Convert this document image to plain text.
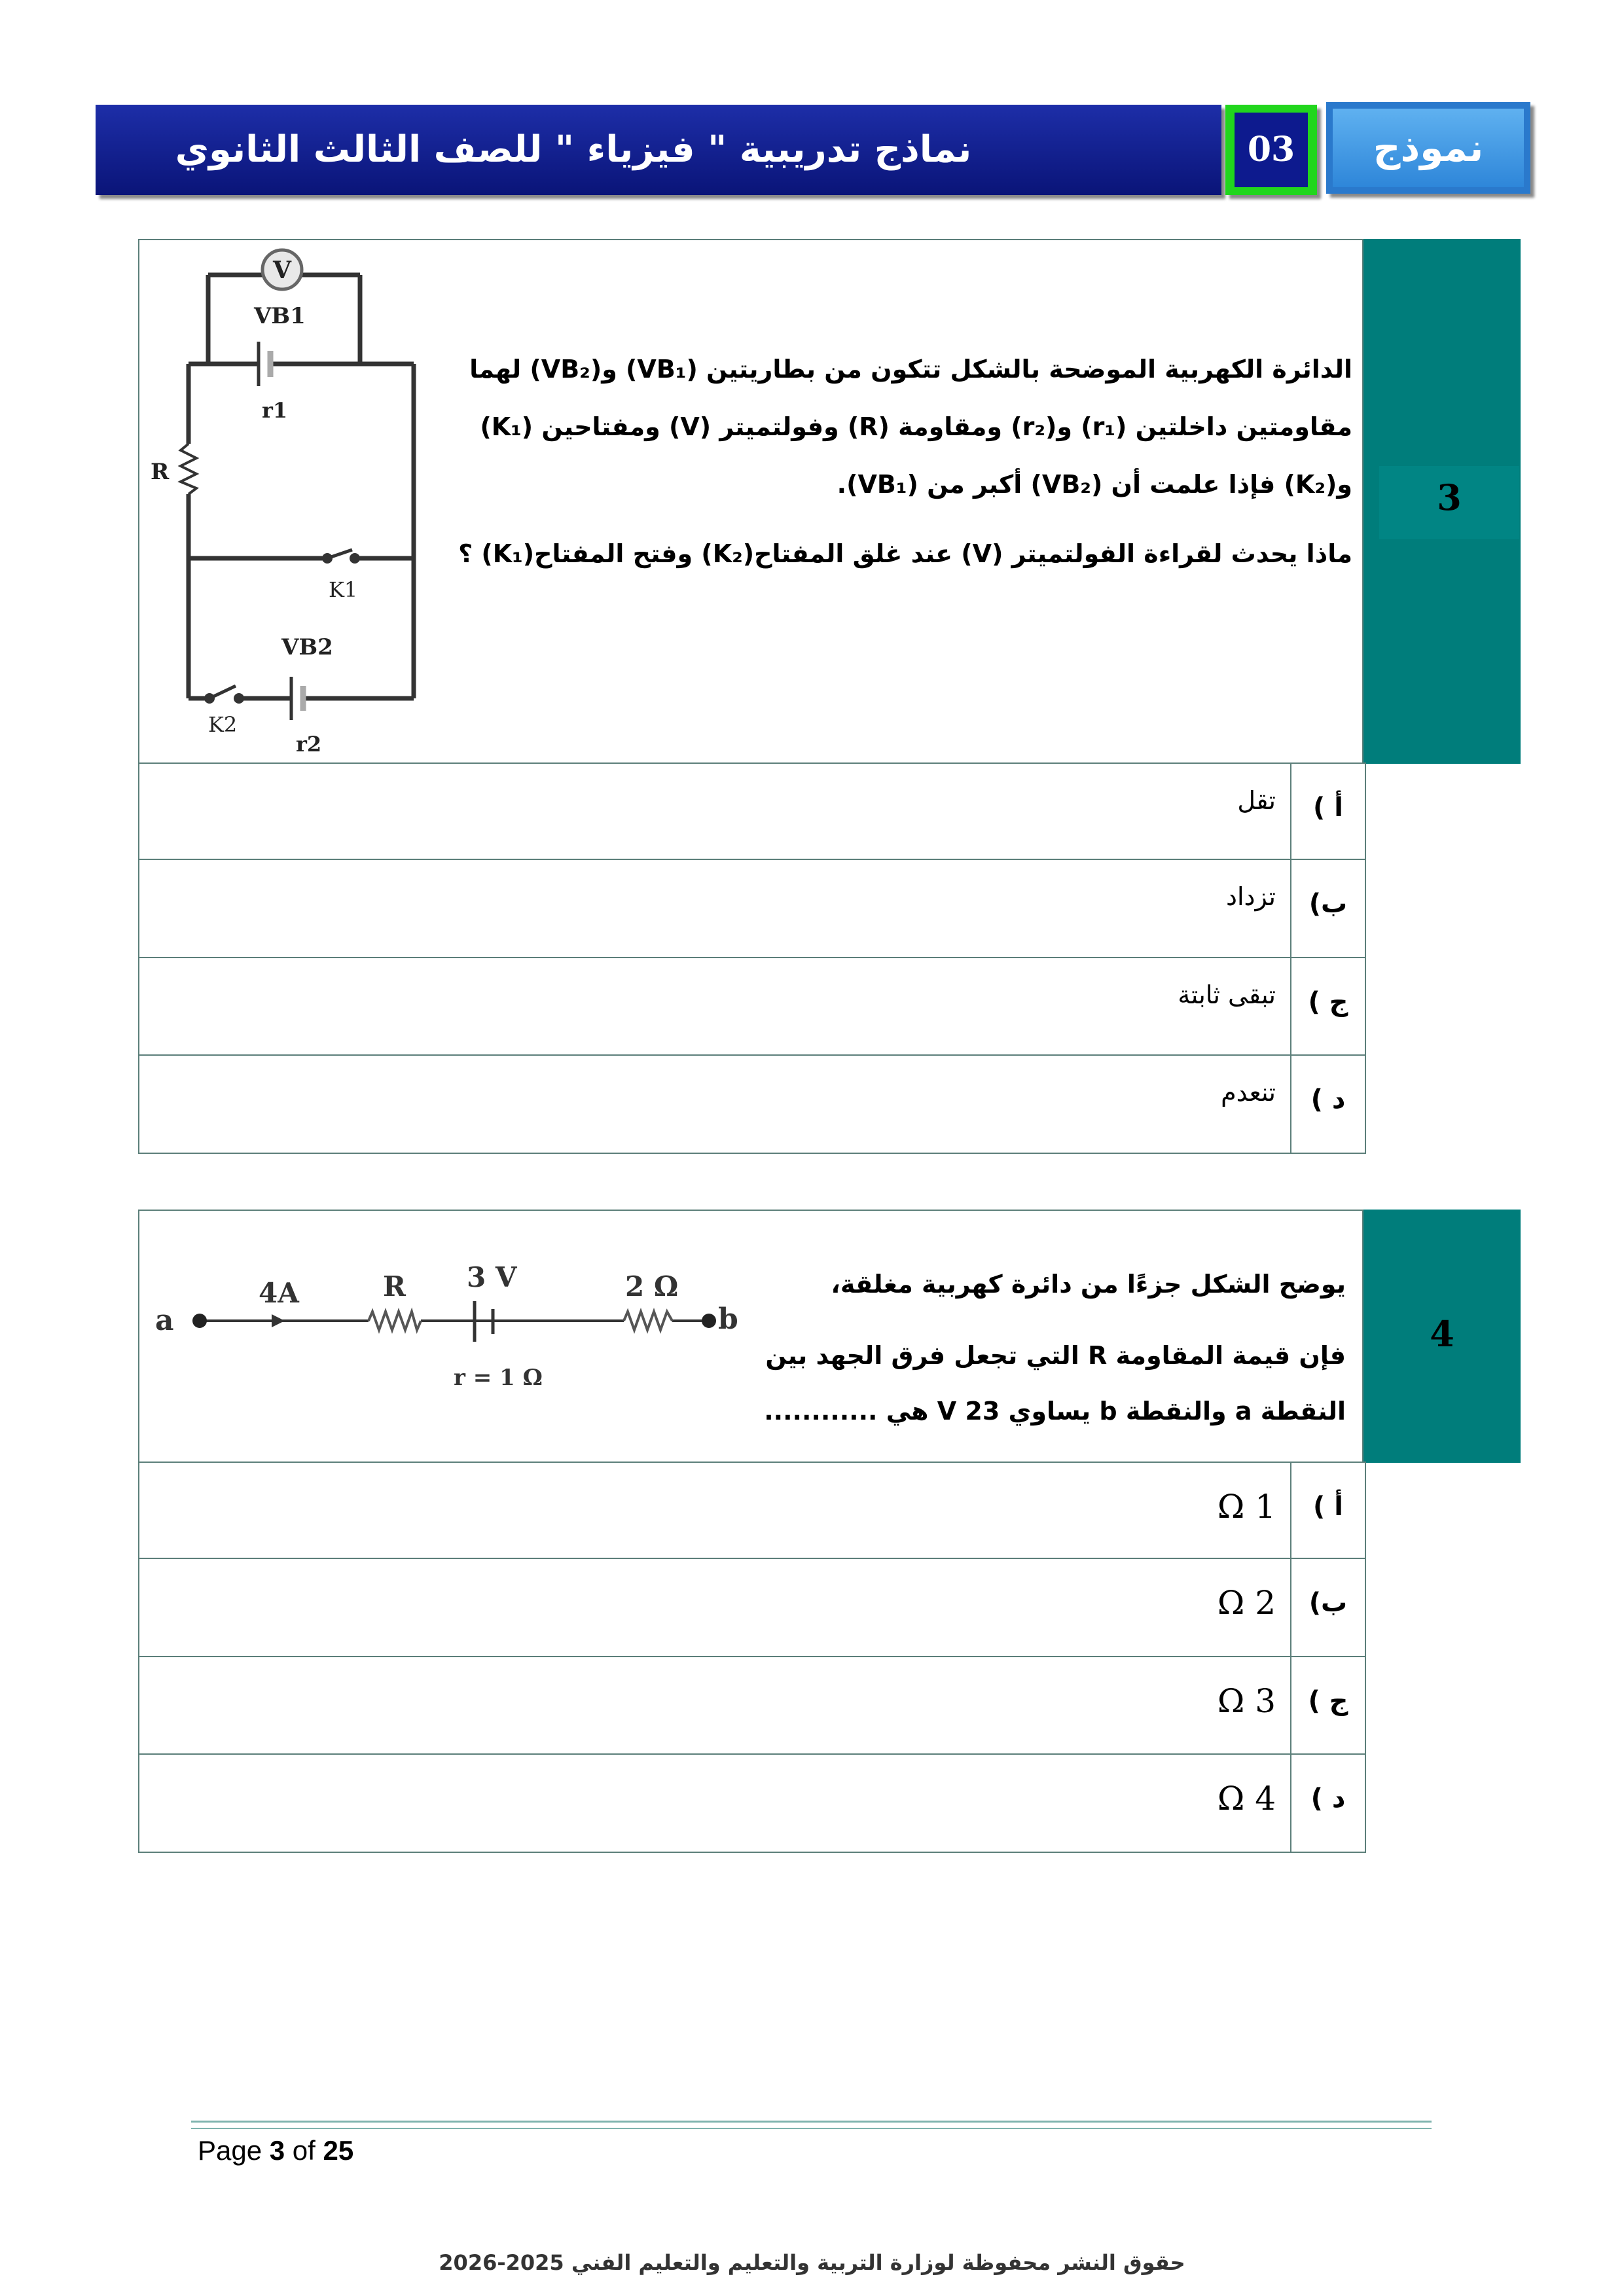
نماذج تدريبية " فيزياء " للصف الثالث الثانوي	03	نموذج
3

الدائرة الكهربية الموضحة بالشكل تتكون من بطاريتين (VB₁) و(VB₂) لهما

مقاومتين داخلتين (r₁) و(r₂) ومقاومة (R) وفولتميتر (V) ومفتاحين (K₁)

و(K₂) فإذا علمت أن (VB₂) أكبر من (VB₁).

ماذا يحدث لقراءة الفولتميتر (V) عند غلق المفتاح(K₂) وفتح المفتاح(K₁) ؟

V
VB1
r1
R
K1
VB2
K2
r2
أ )	تقل
ب)	تزداد
ج )	تبقى ثابتة
د )	تنعدم
4

يوضح الشكل جزءًا من دائرة كهربية مغلقة،

فإن قيمة المقاومة R التي تجعل فرق الجهد بين

النقطة a والنقطة b يساوي 23 V هي ............

a
4A	R 3 V
r = 1 Ω
2 Ω
b
أ )	1 Ω
ب)	2 Ω
ج )	3 Ω
د )	4 Ω
Page 3 of 25
حقوق النشر محفوظة لوزارة التربية والتعليم والتعليم الفني 2025-2026
